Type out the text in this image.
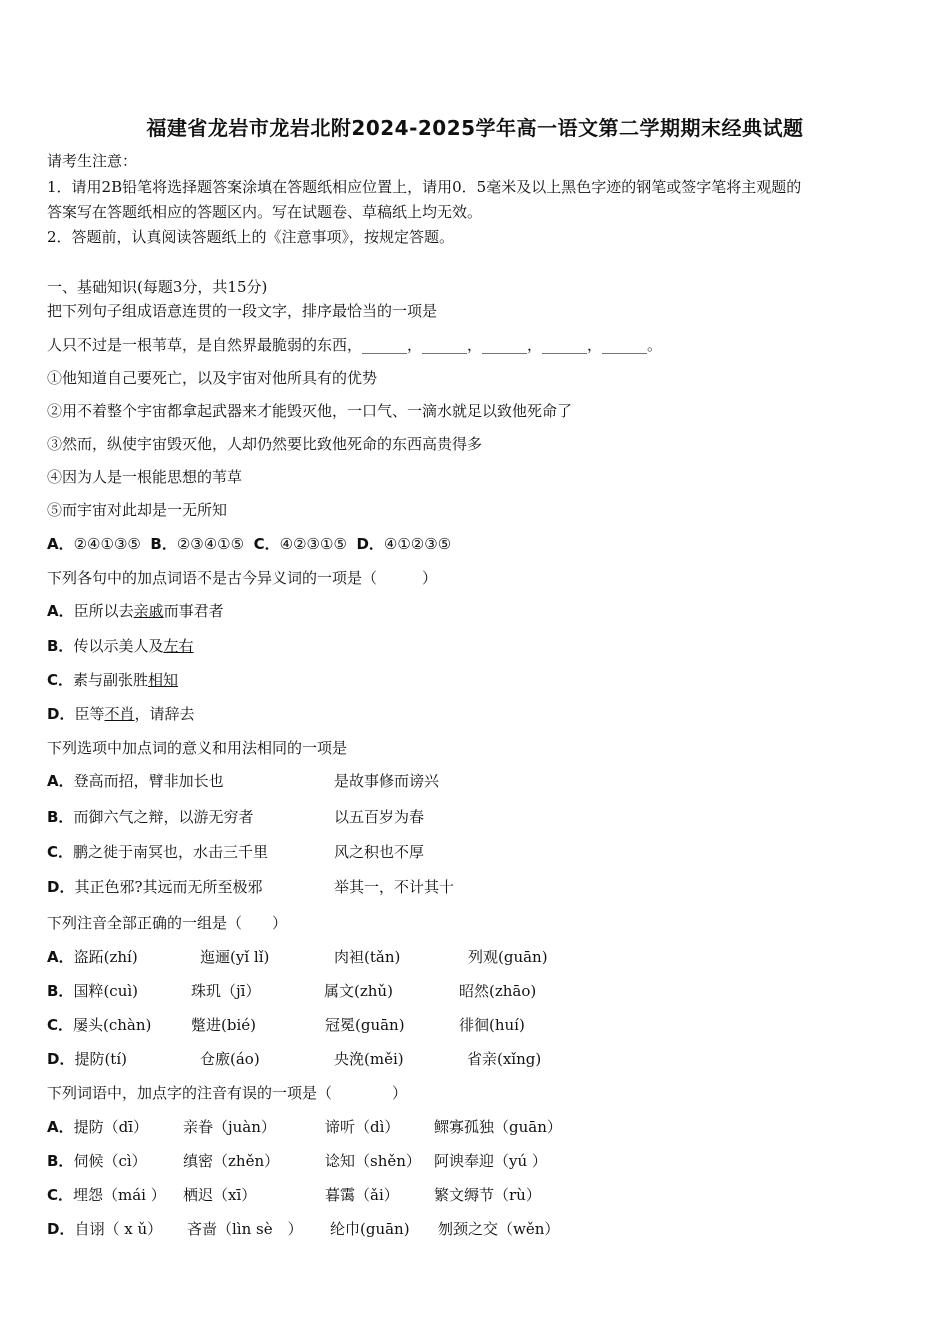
福建省龙岩市龙岩北附2024-2025学年高一语文第二学期期末经典试题
请考生注意：
1．请用2B铅笔将选择题答案涂填在答题纸相应位置上，请用0．5毫米及以上黑色字迹的钢笔或签字笔将主观题的
答案写在答题纸相应的答题区内。写在试题卷、草稿纸上均无效。
2．答题前，认真阅读答题纸上的《注意事项》，按规定答题。
一、基础知识(每题3分，共15分)
把下列句子组成语意连贯的一段文字，排序最恰当的一项是
人只不过是一根苇草，是自然界最脆弱的东西，______，______，______，______，______。
①他知道自己要死亡，以及宇宙对他所具有的优势
②用不着整个宇宙都拿起武器来才能毁灭他，一口气、一滴水就足以致他死命了
③然而，纵使宇宙毁灭他，人却仍然要比致他死命的东西高贵得多
④因为人是一根能思想的苇草
⑤而宇宙对此却是一无所知
A．②④①③⑤ B．②③④①⑤ C．④②③①⑤ D．④①②③⑤
下列各句中的加点词语不是古今异义词的一项是（　　　）
A．臣所以去亲戚而事君者
B．传以示美人及左右
C．素与副张胜相知
D．臣等不肖，请辞去
下列选项中加点词的意义和用法相同的一项是
A．登高而招，臂非加长也	是故事修而谤兴
B．而御六气之辩，以游无穷者	以五百岁为春
C．鹏之徙于南冥也，水击三千里	风之积也不厚
D．其正色邪?其远而无所至极邪	举其一，不计其十
下列注音全部正确的一组是（　　）
A．盗跖(zhí)	迤逦(yǐ lǐ)	肉袒(tǎn)	列观(guān)
B．国粹(cuì)	珠玑（jī）	属文(zhǔ)	昭然(zhāo)
C．屡头(chàn)	蹩进(bié)	冠冕(guān)	徘徊(huí)
D．提防(tí)	仓廒(áo)	央浼(měi)	省亲(xǐng)
下列词语中，加点字的注音有误的一项是（　　　　）
A．提防（dī） 亲眷（juàn）	谛听（dì） 鳏寡孤独（guān）
B．伺候（cì） 缜密（zhěn）	谂知（shěn） 阿谀奉迎（yú ）
C．埋怨（mái ） 栖迟（xī）	暮霭（ǎi） 繁文缛节（rù）
D．自诩（ x ǔ） 吝啬（lìn sè　） 纶巾(guān) 刎颈之交（wěn）
